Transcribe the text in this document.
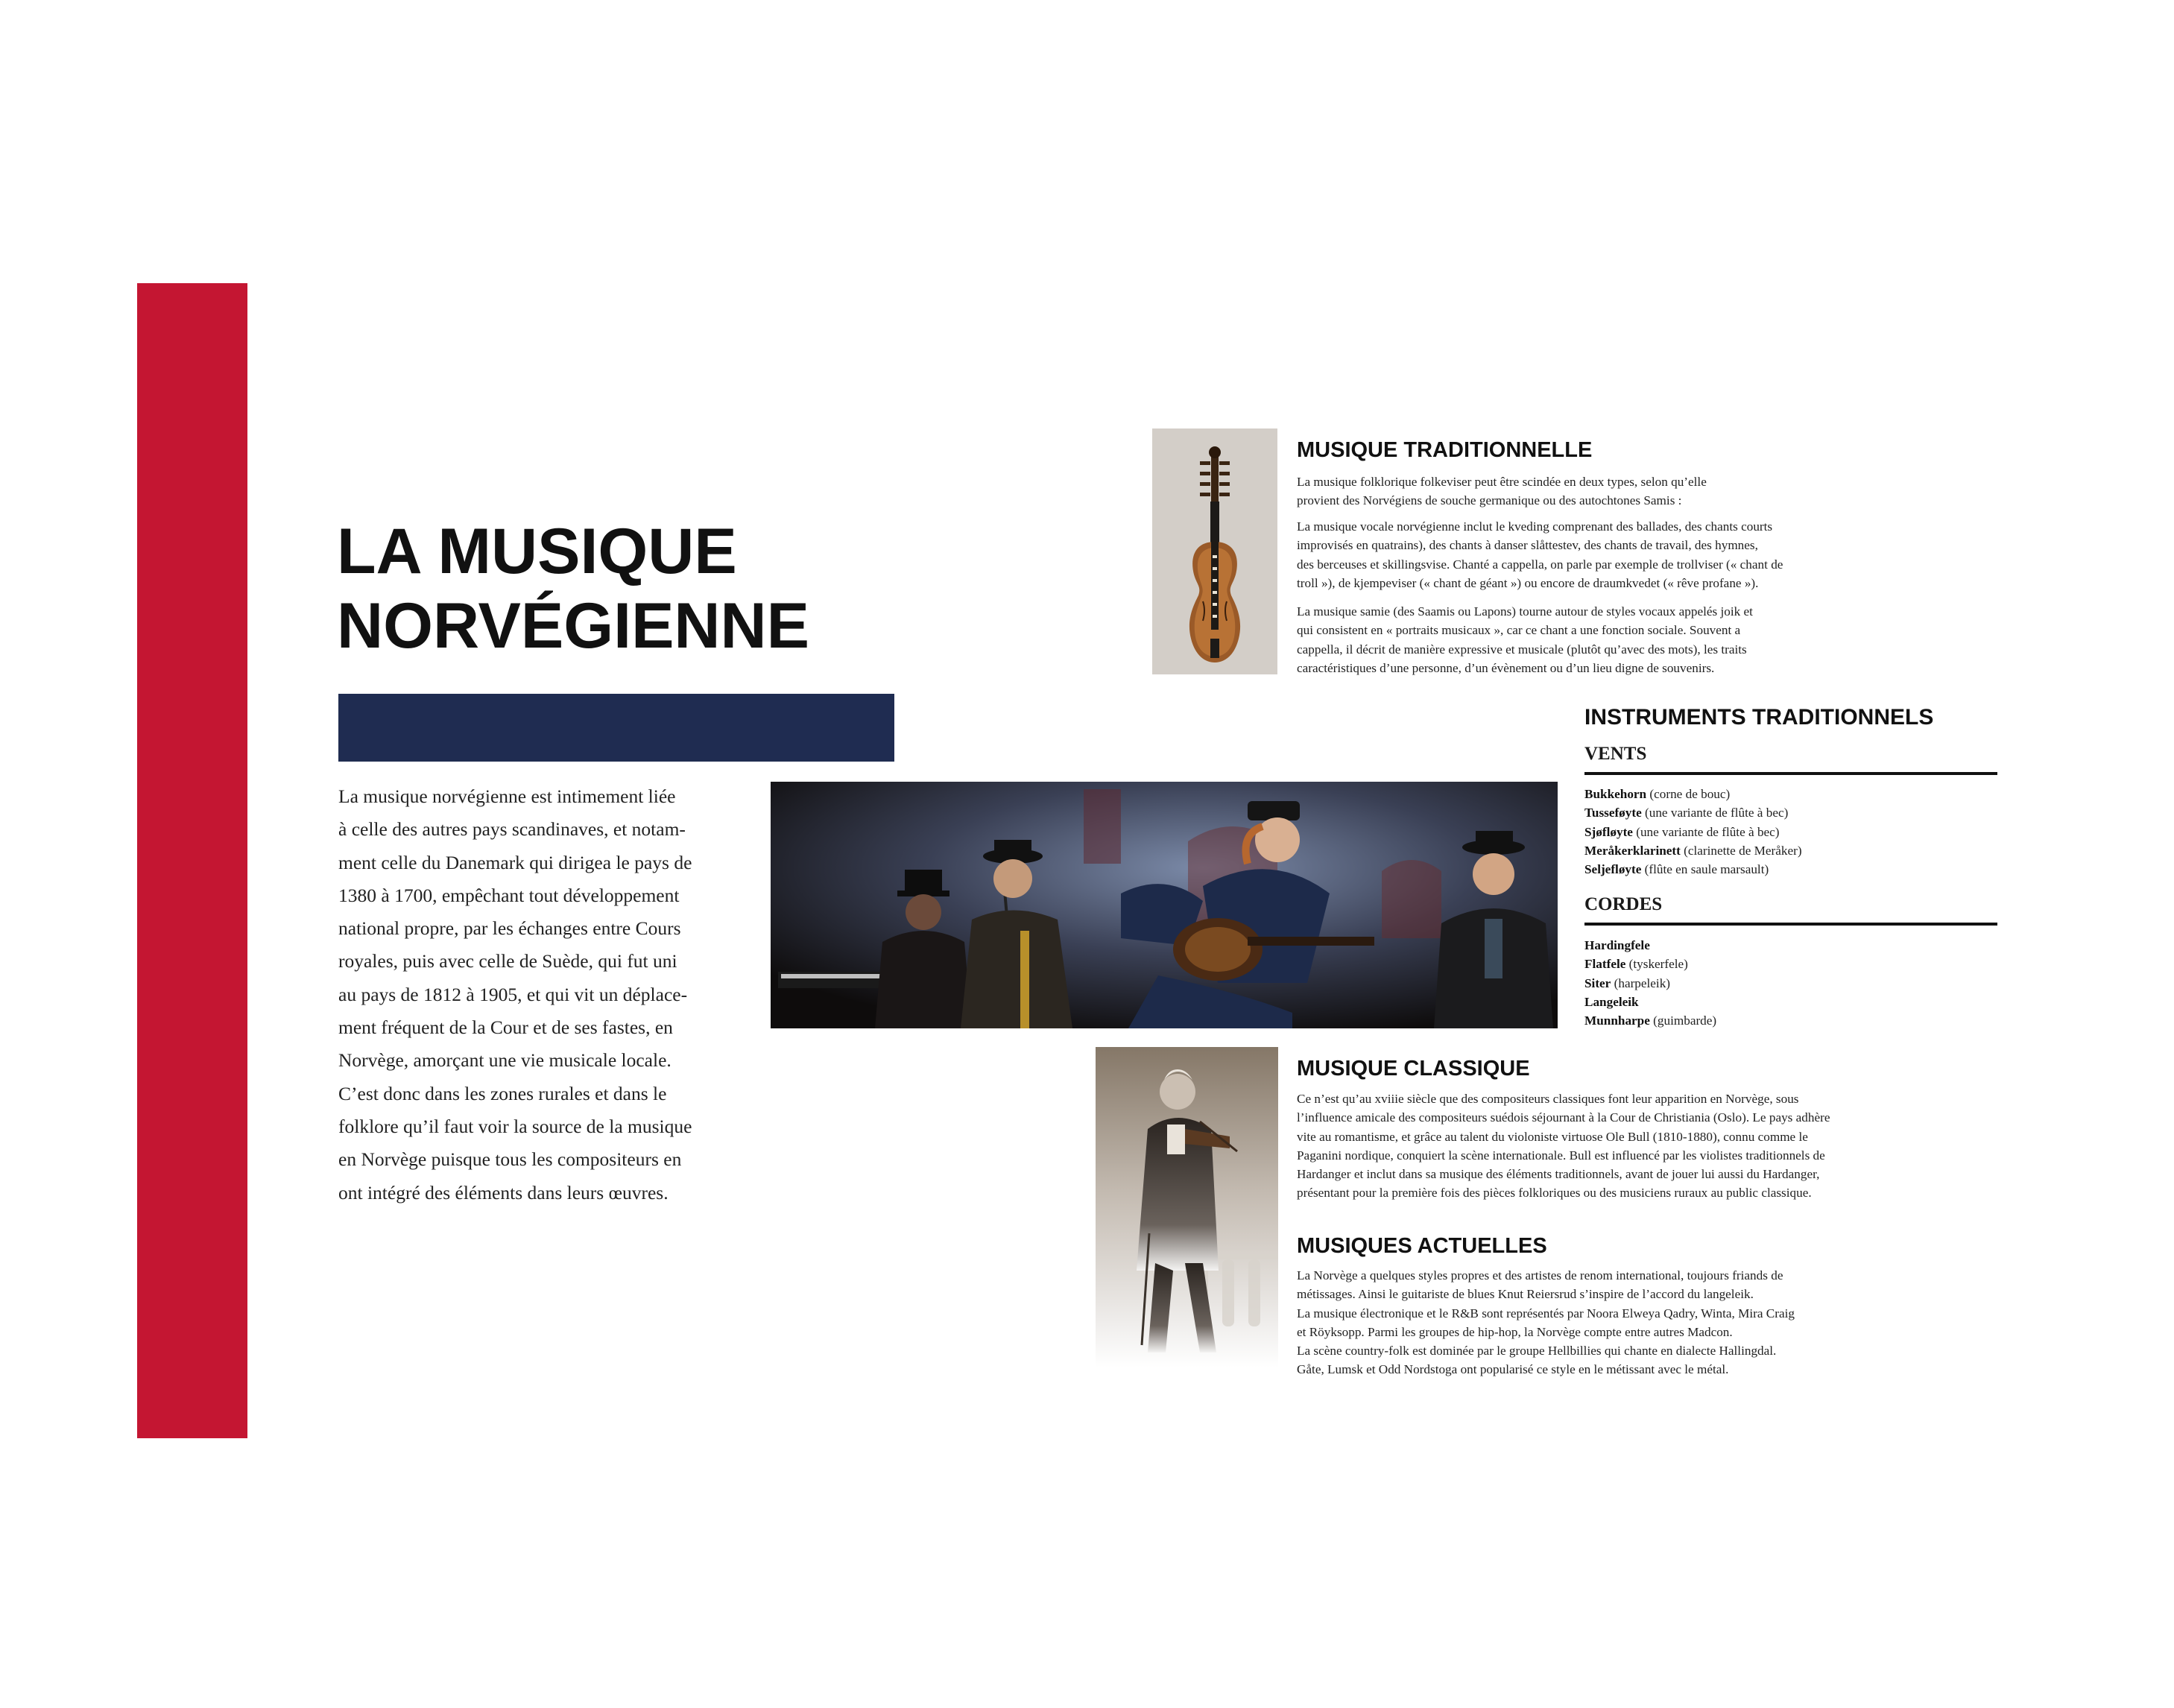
LA MUSIQUE
NORVÉGIENNE

La musique norvégienne est intimement liée
à celle des autres pays scandinaves, et notam-
ment celle du Danemark qui dirigea le pays de
1380 à 1700, empêchant tout développement
national propre, par les échanges entre Cours
royales, puis avec celle de Suède, qui fut uni
au pays de 1812 à 1905, et qui vit un déplace-
ment fréquent de la Cour et de ses fastes, en
Norvège, amorçant une vie musicale locale.
C’est donc dans les zones rurales et dans le
folklore qu’il faut voir la source de la musique
en Norvège puisque tous les compositeurs en
ont intégré des éléments dans leurs œuvres.

MUSIQUE TRADITIONNELLE

La musique folklorique folkeviser peut être scindée en deux types, selon qu’elle
provient des Norvégiens de souche germanique ou des autochtones Samis :

La musique vocale norvégienne inclut le kveding comprenant des ballades, des chants courts
improvisés en quatrains), des chants à danser slåttestev, des chants de travail, des hymnes,
des berceuses et skillingsvise. Chanté a cappella, on parle par exemple de trollviser (« chant de
troll »), de kjempeviser (« chant de géant ») ou encore de draumkvedet (« rêve profane »).

La musique samie (des Saamis ou Lapons) tourne autour de styles vocaux appelés joik et
qui consistent en « portraits musicaux », car ce chant a une fonction sociale. Souvent a
cappella, il décrit de manière expressive et musicale (plutôt qu’avec des mots), les traits
caractéristiques d’une personne, d’un évènement ou d’un lieu digne de souvenirs.

INSTRUMENTS TRADITIONNELS
VENTS
Bukkehorn (corne de bouc)
Tusseføyte (une variante de flûte à bec)
Sjøfløyte (une variante de flûte à bec)
Meråkerklarinett (clarinette de Meråker)
Seljefløyte (flûte en saule marsault)
CORDES
Hardingfele
Flatfele (tyskerfele)
Siter (harpeleik)
Langeleik
Munnharpe (guimbarde)
MUSIQUE CLASSIQUE

Ce n’est qu’au xviiie siècle que des compositeurs classiques font leur apparition en Norvège, sous
l’influence amicale des compositeurs suédois séjournant à la Cour de Christiania (Oslo). Le pays adhère
vite au romantisme, et grâce au talent du violoniste virtuose Ole Bull (1810-1880), connu comme le
Paganini nordique, conquiert la scène internationale. Bull est influencé par les violistes traditionnels de
Hardanger et inclut dans sa musique des éléments traditionnels, avant de jouer lui aussi du Hardanger,
présentant pour la première fois des pièces folkloriques ou des musiciens ruraux au public classique.

MUSIQUES ACTUELLES

La Norvège a quelques styles propres et des artistes de renom international, toujours friands de
métissages. Ainsi le guitariste de blues Knut Reiersrud s’inspire de l’accord du langeleik.
La musique électronique et le R&B sont représentés par Noora Elweya Qadry, Winta, Mira Craig
et Röyksopp. Parmi les groupes de hip-hop, la Norvège compte entre autres Madcon.
La scène country-folk est dominée par le groupe Hellbillies qui chante en dialecte Hallingdal.
Gåte, Lumsk et Odd Nordstoga ont popularisé ce style en le métissant avec le métal.
